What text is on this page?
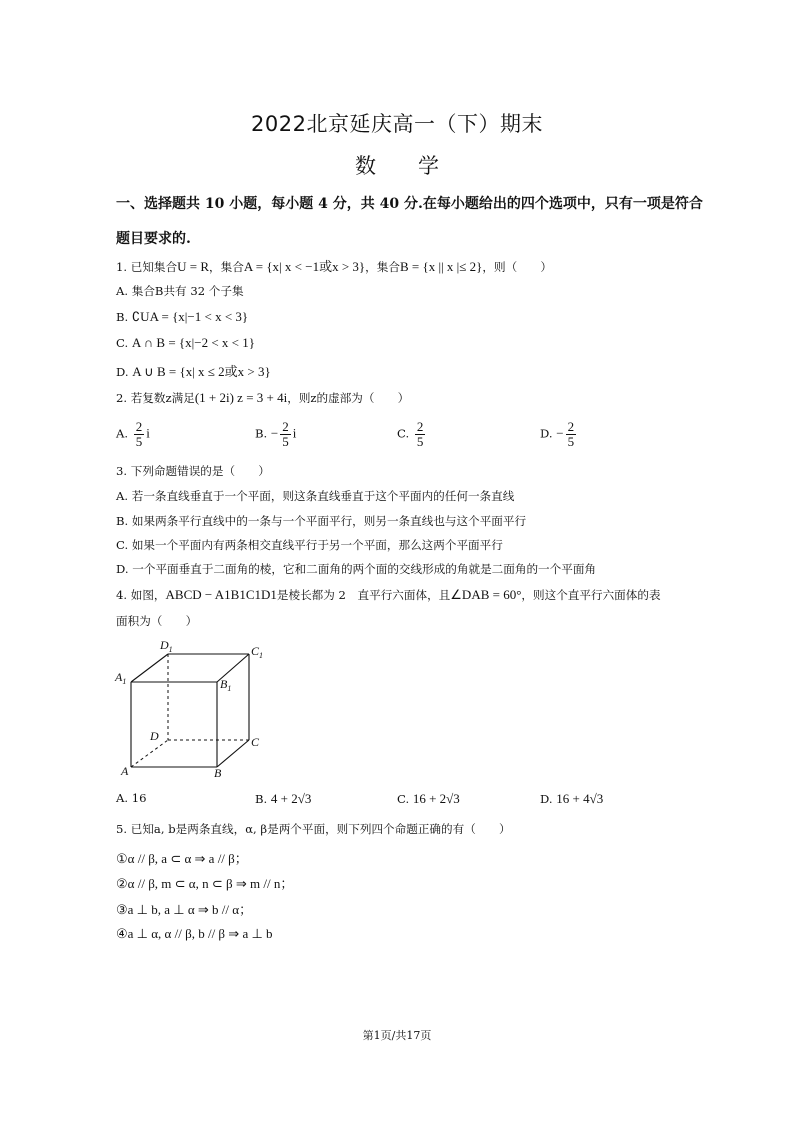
2022北京延庆高一（下）期末
数　　学
一、选择题共 10 小题，每小题 4 分，共 40 分.在每小题给出的四个选项中，只有一项是符合
题目要求的.
1. 已知集合U = R，集合A = {x| x < −1或x > 3}，集合B = {x || x |≤ 2}，则（　　）
A. 集合B共有 32 个子集
B. ∁UA = {x|−1 < x < 3}
C. A ∩ B = {x|−2 < x < 1}
D. A ∪ B = {x| x ≤ 2或x > 3}
2. 若复数z满足(1 + 2i) z = 3 + 4i，则z的虚部为（　　）
A. $\frac{2}{5}$ i	B. − $\frac{2}{5}$ i	C. $\frac{2}{5}$	D. − $\frac{2}{5}$
3. 下列命题错误的是（　　）
A. 若一条直线垂直于一个平面，则这条直线垂直于这个平面内的任何一条直线
B. 如果两条平行直线中的一条与一个平面平行，则另一条直线也与这个平面平行
C. 如果一个平面内有两条相交直线平行于另一个平面，那么这两个平面平行
D. 一个平面垂直于二面角的棱，它和二面角的两个面的交线形成的角就是二面角的一个平面角
4. 如图，ABCD − A1B1C1D1是棱长都为 2　直平行六面体，且∠DAB = 60°，则这个直平行六面体的表
面积为（　　）
$D_1$	$C_1$
$A_1$	$B_1$
D	C
A	B
A. 16	B. 4 + 2√3	C. 16 + 2√3	D. 16 + 4√3
5. 已知a, b是两条直线，α, β是两个平面，则下列四个命题正确的有（　　）
①α // β, a ⊂ α ⇒ a // β；
②α // β, m ⊂ α, n ⊂ β ⇒ m // n；
③a ⊥ b, a ⊥ α ⇒ b // α；
④a ⊥ α, α // β, b // β ⇒ a ⊥ b
第1页/共17页
